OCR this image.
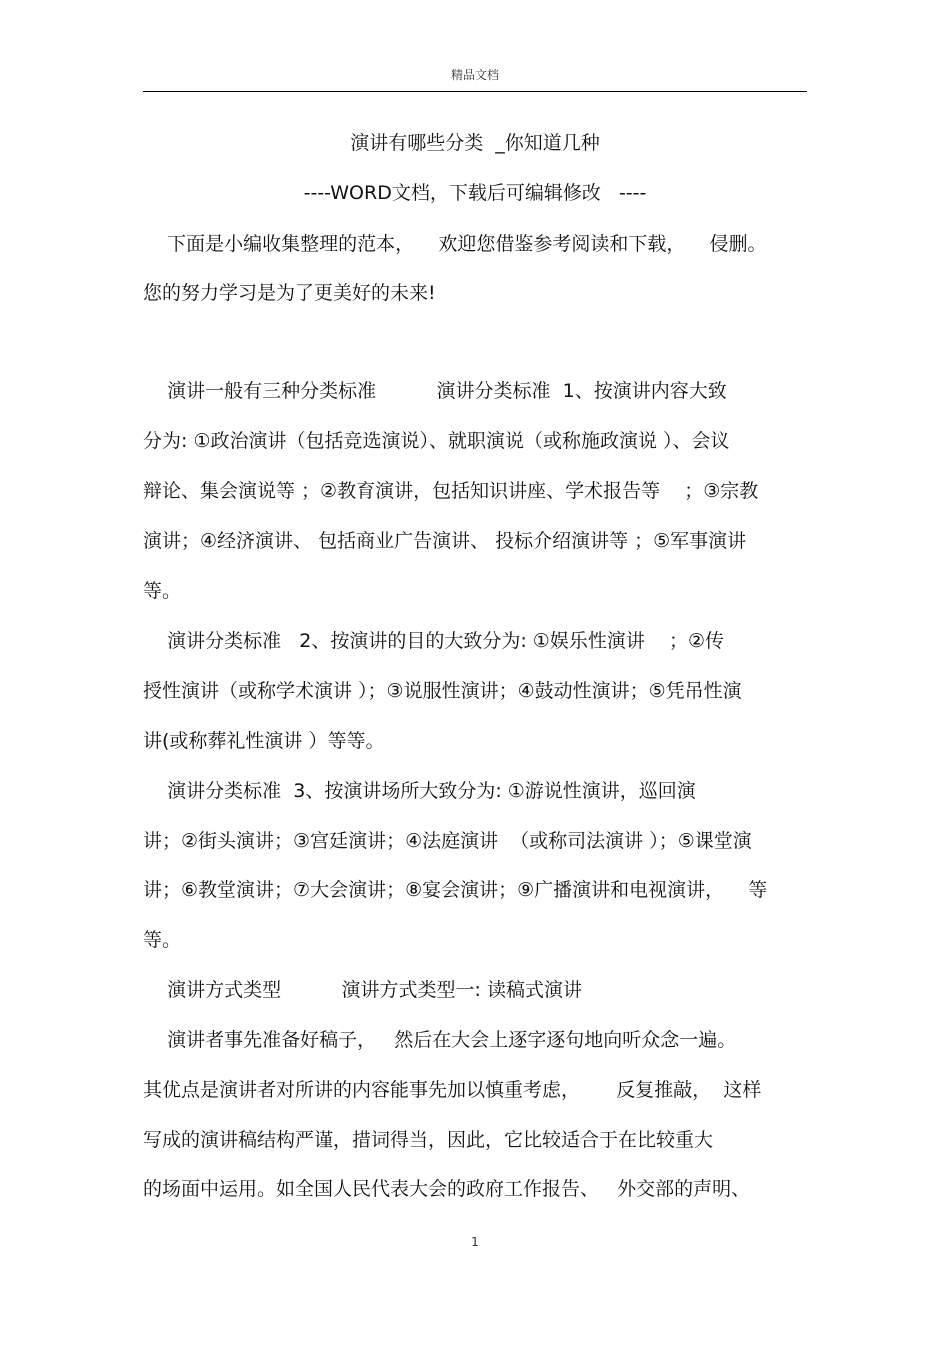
精品文档
演讲有哪些分类  _你知道几种
----WORD文档，下载后可编辑修改   ----
下面是小编收集整理的范本，    欢迎您借鉴参考阅读和下载，    侵删。
您的努力学习是为了更美好的未来!
演讲一般有三种分类标准          演讲分类标准  1、按演讲内容大致
分为: ①政治演讲（包括竞选演说）、就职演说（或称施政演说 ）、会议
辩论、集会演说等 ；②教育演讲，包括知识讲座、学术报告等    ；③宗教
演讲；④经济演讲、 包括商业广告演讲、 投标介绍演讲等 ；⑤军事演讲
等。
演讲分类标准   2、按演讲的目的大致分为: ①娱乐性演讲    ；②传
授性演讲（或称学术演讲 ）；③说服性演讲；④鼓动性演讲；⑤凭吊性演
讲(或称葬礼性演讲 ）等等。
演讲分类标准  3、按演讲场所大致分为: ①游说性演讲，巡回演
讲；②街头演讲；③宫廷演讲；④法庭演讲  （或称司法演讲 ）；⑤课堂演
讲；⑥教堂演讲；⑦大会演讲；⑧宴会演讲；⑨广播演讲和电视演讲，    等
等。
演讲方式类型          演讲方式类型一: 读稿式演讲
演讲者事先准备好稿子，   然后在大会上逐字逐句地向听众念一遍。
其优点是演讲者对所讲的内容能事先加以慎重考虑，      反复推敲，  这样
写成的演讲稿结构严谨，措词得当，因此，它比较适合于在比较重大
的场面中运用。如全国人民代表大会的政府工作报告、   外交部的声明、
1
